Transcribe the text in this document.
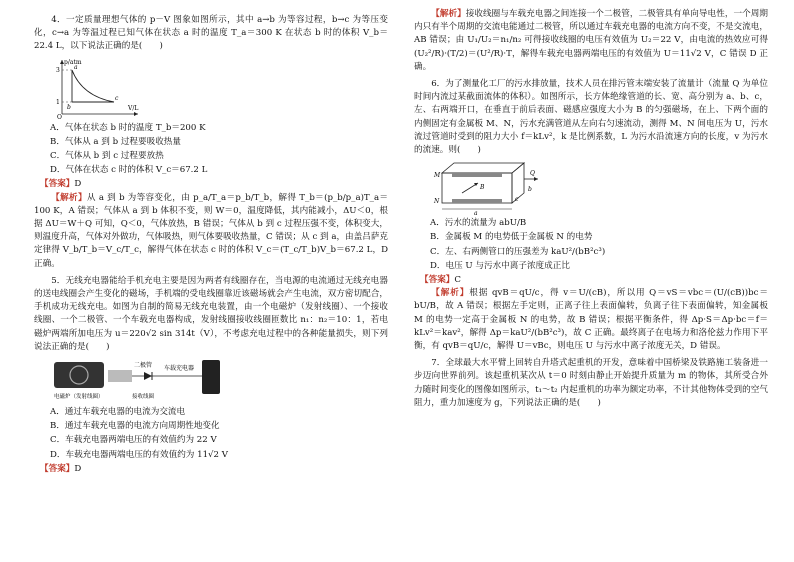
4．一定质量理想气体的 p－V 图象如图所示，其中 a→b 为等容过程，b→c 为等压变化，c→a 为等温过程已知气体在状态 a 时的温度 T_a＝300 K 在状态 b 时的体积 V_b＝22.4 L，以下说法正确的是(　　)

p/atm
V/L
3
1
O
a
b
c

A．气体在状态 b 时的温度 T_b＝200 K

B．气体从 a 到 b 过程要吸收热量

C．气体从 b 到 c 过程要放热

D．气体在状态 c 时的体积 V_c＝67.2 L

【答案】D

【解析】从 a 到 b 为等容变化，由 p_a/T_a＝p_b/T_b，解得 T_b＝(p_b/p_a)T_a＝100 K，A 错误；气体从 a 到 b 体积不变，则 W＝0，温度降低，其内能减小，ΔU＜0，根据 ΔU＝W＋Q 可知，Q＜0，气体放热，B 错误；气体从 b 到 c 过程压强不变，体积变大，则温度升高，气体对外做功，气体吸热，则气体要吸收热量，C 错误；从 c 到 a，由盖吕萨克定律得 V_b/T_b＝V_c/T_c，解得气体在状态 c 时的体积 V_c＝(T_c/T_b)V_b＝67.2 L，D 正确。

5．无线充电器能给手机充电主要是因为两者有线圈存在，当电源的电流通过无线充电器的送电线圈会产生变化的磁场，手机端的受电线圈靠近该磁场就会产生电流，双方密切配合，手机成功无线充电。如图为自制的简易无线充电装置，由一个电磁炉（发射线圈）、一个接收线圈、一个二极管、一个车载充电器构成，发射线圈接收线圈匝数比 n₁：n₂＝10：1，若电磁炉两端所加电压为 u＝220√2 sin 314t（V），不考虑充电过程中的各种能量损失，则下列说法正确的是(　　)

二极管 车载充电器
电磁炉（发射线圈）	接收线圈

A．通过车载充电器的电流为交流电

B．通过车载充电器的电流方向周期性地变化

C．车载充电器两端电压的有效值约为 22 V

D．车载充电器两端电压的有效值约为 11√2 V

【答案】D

【解析】接收线圈与车载充电器之间连接一个二极管，二极管具有单向导电性，一个周期内只有半个周期的交流电能通过二极管，所以通过车载充电器的电流方向不变，不是交流电，AB 错误；由 U₁/U₂＝n₁/n₂ 可得接收线圈的电压有效值为 U₂＝22 V，由电流的热效应可得 (U₂²/R)·(T/2)＝(U²/R)·T，解得车载充电器两端电压的有效值为 U＝11√2 V，C 错误 D 正确。

6．为了测量化工厂的污水排放量，技术人员在排污管末端安装了流量计（流量 Q 为单位时间内流过某截面流体的体积）。如图所示，长方体绝缘管道的长、宽、高分别为 a、b、c，左、右两端开口，在垂直于前后表面、磁感应强度大小为 B 的匀强磁场，在上、下两个面的内侧固定有金属板 M、N，污水充满管道从左向右匀速流动，测得 M、N 间电压为 U，污水流过管道时受到的阻力大小 f＝kLv²，k 是比例系数，L 为污水沿流速方向的长度，v 为污水的流速。则(　　)

M
N
B
Q
a
b
c

A．污水的流量为 abU/B

B．金属板 M 的电势低于金属板 N 的电势

C．左、右两侧管口的压强差为 kaU²/(bB²c³)

D．电压 U 与污水中离子浓度成正比

【答案】C

【解析】根据 qvB＝qU/c，得 v＝U/(cB)，所以用 Q＝vS＝vbc＝(U/(cB))bc＝bU/B，故 A 错误；根据左手定则，正离子往上表面偏转，负离子往下表面偏转，知金属板 M 的电势一定高于金属板 N 的电势，故 B 错误；根据平衡条件，得 Δp·S＝Δp·bc＝f＝kLv²＝kav²，解得 Δp＝kaU²/(bB²c³)，故 C 正确。最终离子在电场力和洛伦兹力作用下平衡，有 qvB＝qU/c，解得 U＝vBc，则电压 U 与污水中离子浓度无关，D 错误。

7．全球最大水平臂上回转自升塔式起重机的开发，意味着中国桥梁及铁路施工装备进一步迈向世界前列。该起重机某次从 t＝0 时刻由静止开始提升质量为 m 的物体，其所受合外力随时间变化的图像如图所示，t₁～t₂ 内起重机的功率为额定功率，不计其他物体受到的空气阻力，重力加速度为 g，下列说法正确的是(　　)
